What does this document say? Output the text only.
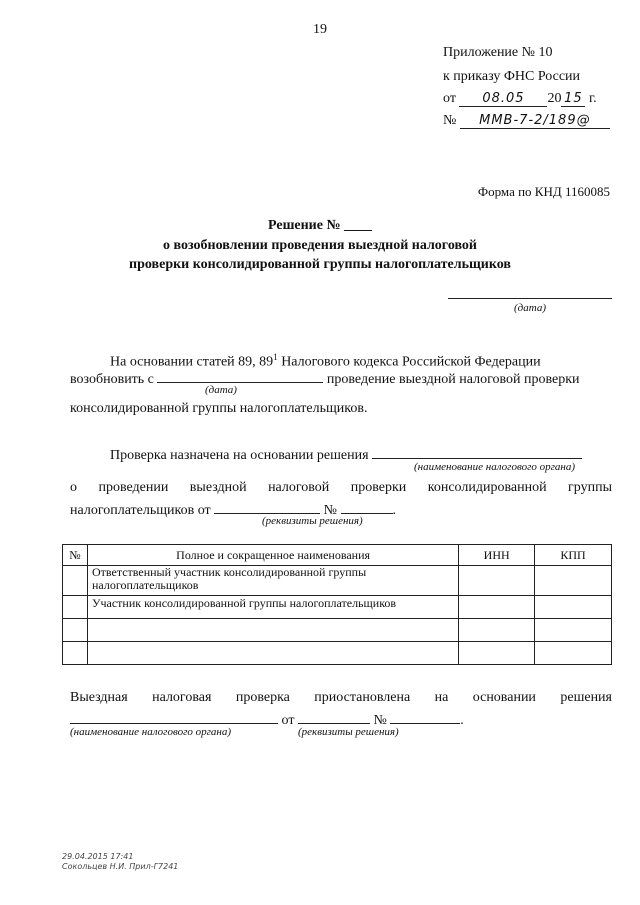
19
Приложение № 10
к приказу ФНС России
от 08.05 20 15 г.
№ ММВ-7-2/189@
Форма по КНД 1160085
Решение № ____
о возобновлении проведения выездной налоговой
проверки консолидированной группы налогоплательщиков
(дата)
На основании статей 89, $89^1$ Налогового кодекса Российской Федерации
возобновить с	проведение выездной налоговой проверки
(дата)
консолидированной группы налогоплательщиков.
Проверка назначена на основании решения
(наименование налогового органа)
о проведении выездной налоговой проверки консолидированной группы
налогоплательщиков от	№	.
(реквизиты решения)
№	Полное и сокращенное наименования	ИНН	КПП
	Ответственный участник консолидированной группы налогоплательщиков		
	Участник консолидированной группы налогоплательщиков		

Выездная налоговая проверка приостановлена на основании решения
от	№	.
(наименование налогового органа)	(реквизиты решения)
29.04.2015 17:41
Сокольцев Н.И. Прил-Г7241
